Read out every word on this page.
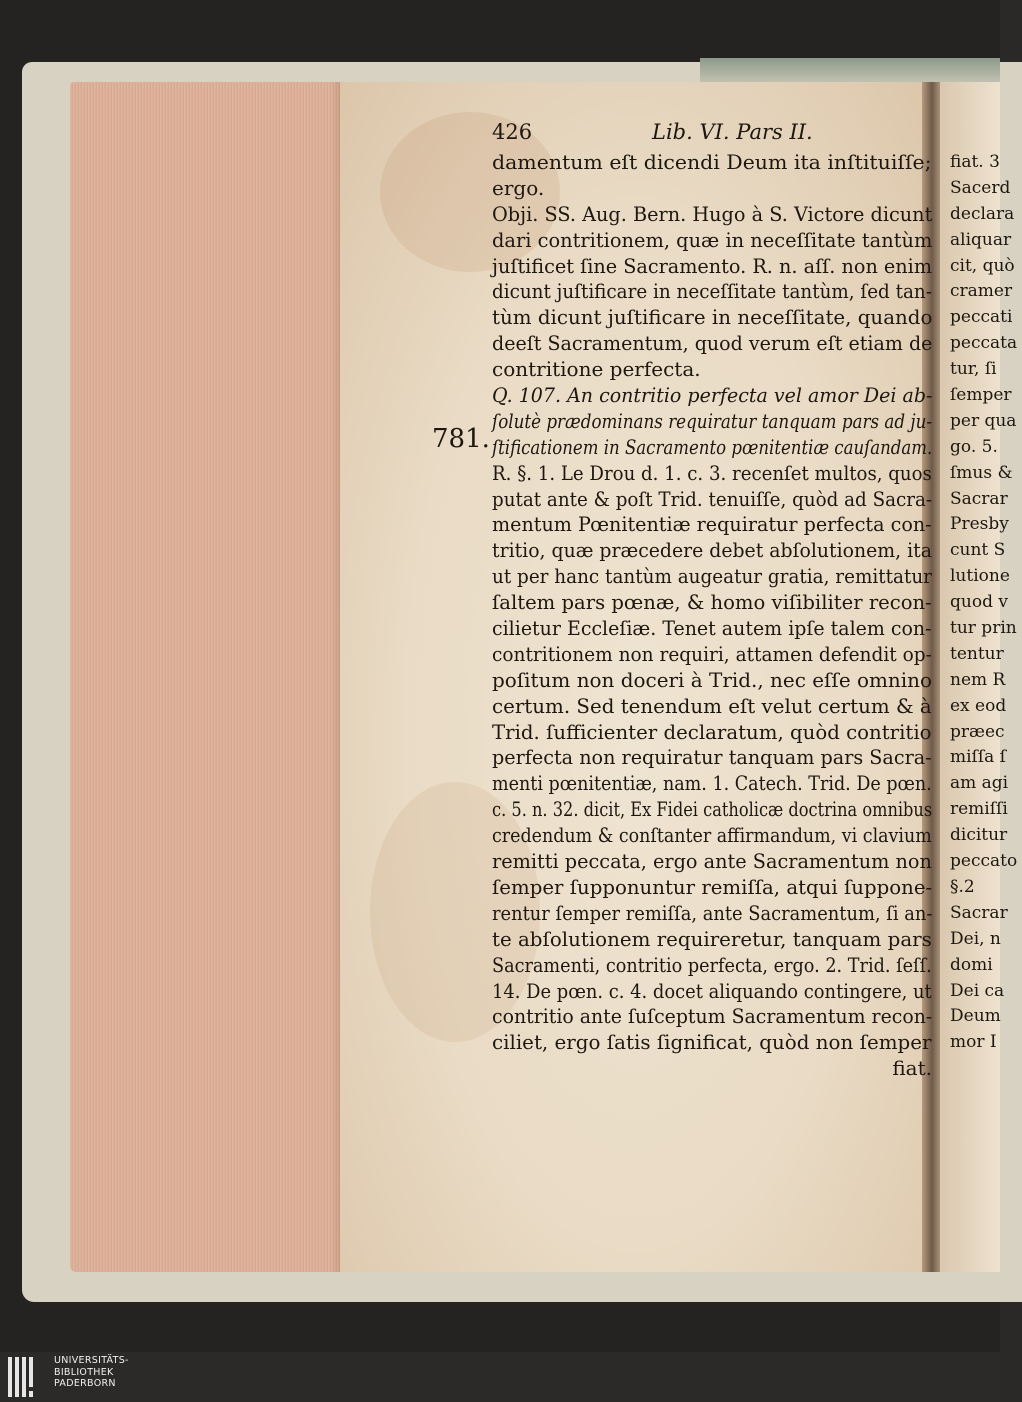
426	Lib. VI. Pars II.
damentum eſt dicendi Deum ita inſtituiſſe;
ergo.
Obji. SS. Aug. Bern. Hugo à S. Victore dicunt
dari contritionem, quæ in neceſſitate tantùm
juſtificet ſine Sacramento. R. n. aſſ. non enim
dicunt juſtificare in neceſſitate tantùm, ſed tan-
tùm dicunt juſtificare in neceſſitate, quando
deeſt Sacramentum, quod verum eſt etiam de
contritione perfecta.
Q. 107. An contritio perfecta vel amor Dei ab-
ſolutè prædominans requiratur tanquam pars ad ju-
ſtificationem in Sacramento pœnitentiæ cauſandam.
R. §. 1. Le Drou d. 1. c. 3. recenſet multos, quos
putat ante & poſt Trid. tenuiſſe, quòd ad Sacra-
mentum Pœnitentiæ requiratur perfecta con-
tritio, quæ præcedere debet abſolutionem, ita
ut per hanc tantùm augeatur gratia, remittatur
ſaltem pars pœnæ, & homo viſibiliter recon-
cilietur Eccleſiæ. Tenet autem ipſe talem con-
contritionem non requiri, attamen defendit op-
poſitum non doceri à Trid., nec eſſe omnino
certum. Sed tenendum eſt velut certum & à
Trid. ſufficienter declaratum, quòd contritio
perfecta non requiratur tanquam pars Sacra-
menti pœnitentiæ, nam. 1. Catech. Trid. De pœn.
c. 5. n. 32. dicit, Ex Fidei catholicæ doctrina omnibus
credendum & conſtanter affirmandum, vi clavium
remitti peccata, ergo ante Sacramentum non
ſemper ſupponuntur remiſſa, atqui ſuppone-
rentur ſemper remiſſa, ante Sacramentum, ſi an-
te abſolutionem requireretur, tanquam pars
Sacramenti, contritio perfecta, ergo. 2. Trid. ſeſſ.
14. De pœn. c. 4. docet aliquando contingere, ut
contritio ante ſuſceptum Sacramentum recon-
ciliet, ergo ſatis ſignificat, quòd non ſemper
fiat.
781.
fiat. 3
Sacerd
declara
aliquar
cit, quò
cramer
peccati
peccata
tur, ſi
ſemper
per qua
go. 5.
ſmus &
Sacrar
Presby
cunt S
lutione
quod v
tur prin
tentur
nem R
ex eod
præec
miſſa ſ
am agi
remiſſi
dicitur
peccato
§.2
Sacrar
Dei, n
domi
Dei ca
Deum
mor I
UNIVERSITÄTS-
BIBLIOTHEK
PADERBORN
